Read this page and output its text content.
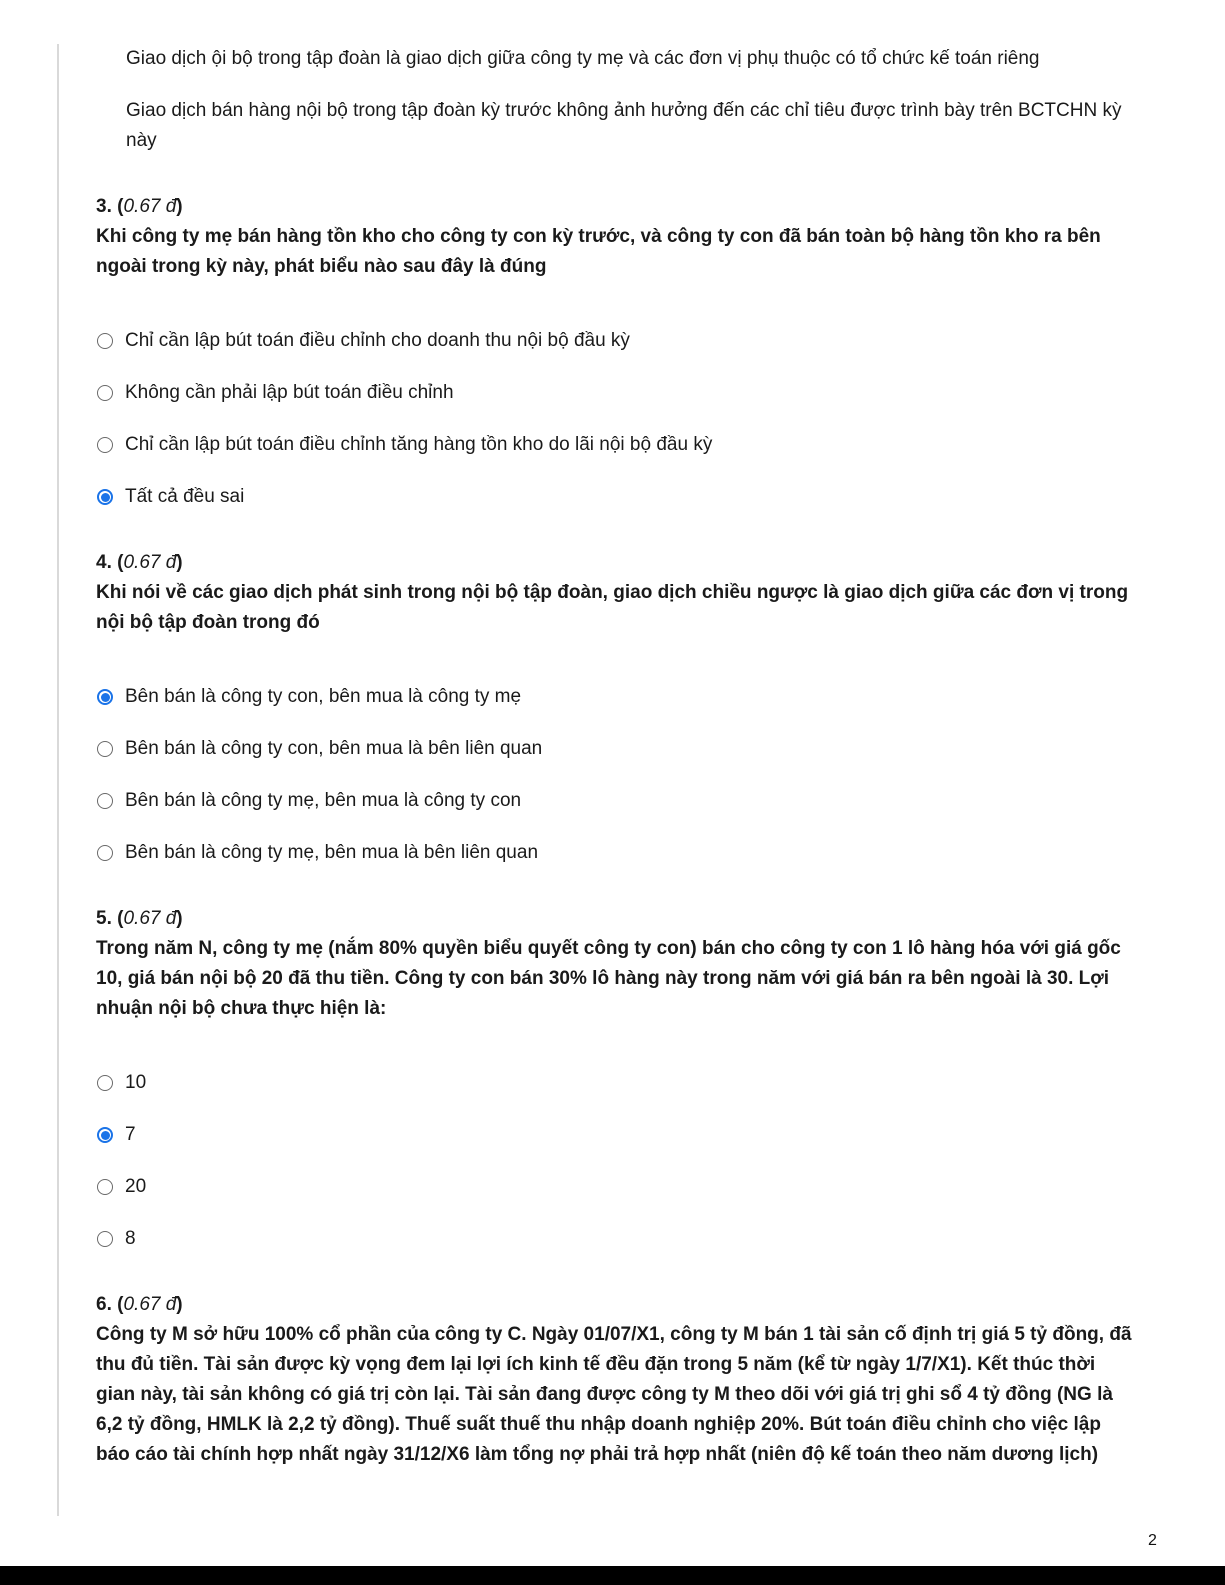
Giao dịch ội bộ trong tập đoàn là giao dịch giữa công ty mẹ và các đơn vị phụ thuộc có tổ chức kế toán riêng
Giao dịch bán hàng nội bộ trong tập đoàn kỳ trước không ảnh hưởng đến các chỉ tiêu được trình bày trên BCTCHN kỳ này
3. (0.67 đ)
Khi công ty mẹ bán hàng tồn kho cho công ty con kỳ trước, và công ty con đã bán toàn bộ hàng tồn kho ra bên ngoài trong kỳ này, phát biểu nào sau đây là đúng
Chỉ cần lập bút toán điều chỉnh cho doanh thu nội bộ đầu kỳ
Không cần phải lập bút toán điều chỉnh
Chỉ cần lập bút toán điều chỉnh tăng hàng tồn kho do lãi nội bộ đầu kỳ
Tất cả đều sai
4. (0.67 đ)
Khi nói về các giao dịch phát sinh trong nội bộ tập đoàn, giao dịch chiều ngược là giao dịch giữa các đơn vị trong nội bộ tập đoàn trong đó
Bên bán là công ty con, bên mua là công ty mẹ
Bên bán là công ty con, bên mua là bên liên quan
Bên bán là công ty mẹ, bên mua là công ty con
Bên bán là công ty mẹ, bên mua là bên liên quan
5. (0.67 đ)
Trong năm N, công ty mẹ (nắm 80% quyền biểu quyết công ty con) bán cho công ty con 1 lô hàng hóa với giá gốc 10, giá bán nội bộ 20 đã thu tiền. Công ty con bán 30% lô hàng này trong năm với giá bán ra bên ngoài là 30. Lợi nhuận nội bộ chưa thực hiện là:
10
7
20
8
6. (0.67 đ)
Công ty M sở hữu 100% cổ phần của công ty C. Ngày 01/07/X1, công ty M bán 1 tài sản cố định trị giá 5 tỷ đồng, đã thu đủ tiền. Tài sản được kỳ vọng đem lại lợi ích kinh tế đều đặn trong 5 năm (kể từ ngày 1/7/X1). Kết thúc thời gian này, tài sản không có giá trị còn lại. Tài sản đang được công ty M theo dõi với giá trị ghi sổ 4 tỷ đồng (NG là 6,2 tỷ đồng, HMLK là 2,2 tỷ đồng). Thuế suất thuế thu nhập doanh nghiệp 20%. Bút toán điều chỉnh cho việc lập báo cáo tài chính hợp nhất ngày 31/12/X6 làm tổng nợ phải trả hợp nhất (niên độ kế toán theo năm dương lịch)
2
